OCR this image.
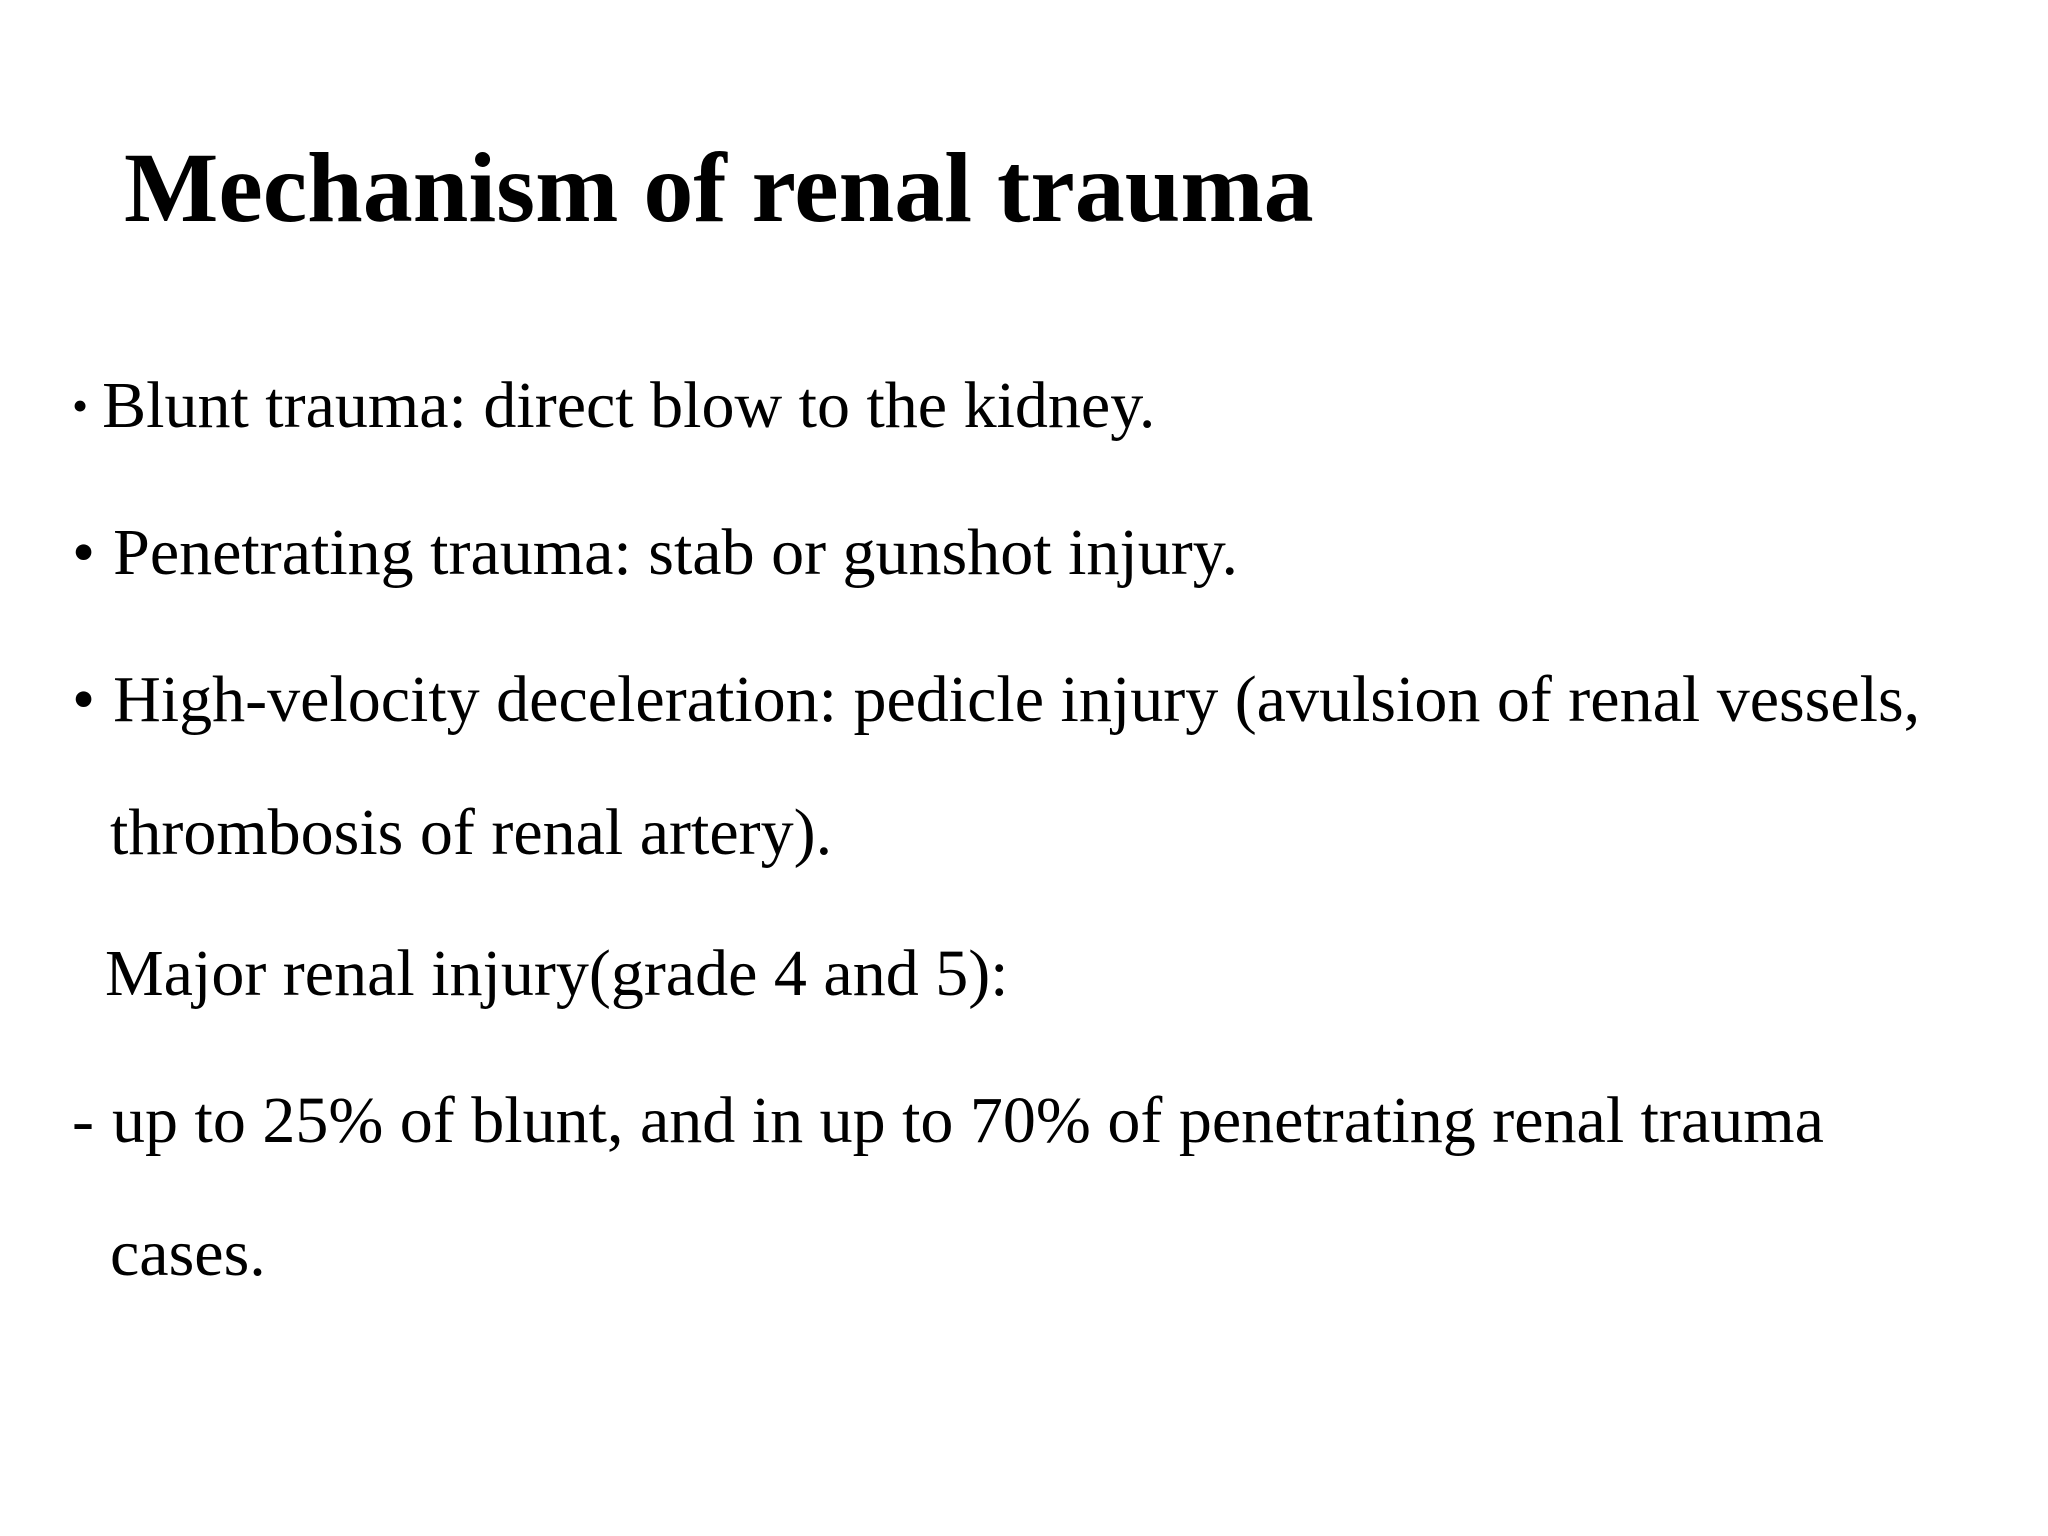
Mechanism of renal trauma
• Blunt trauma: direct blow to the kidney.
• Penetrating trauma: stab or gunshot injury.
• High-velocity deceleration: pedicle injury (avulsion of renal vessels,
thrombosis of renal artery).
Major renal injury(grade 4 and 5):
- up to 25% of blunt, and in up to 70% of penetrating renal trauma
cases.
